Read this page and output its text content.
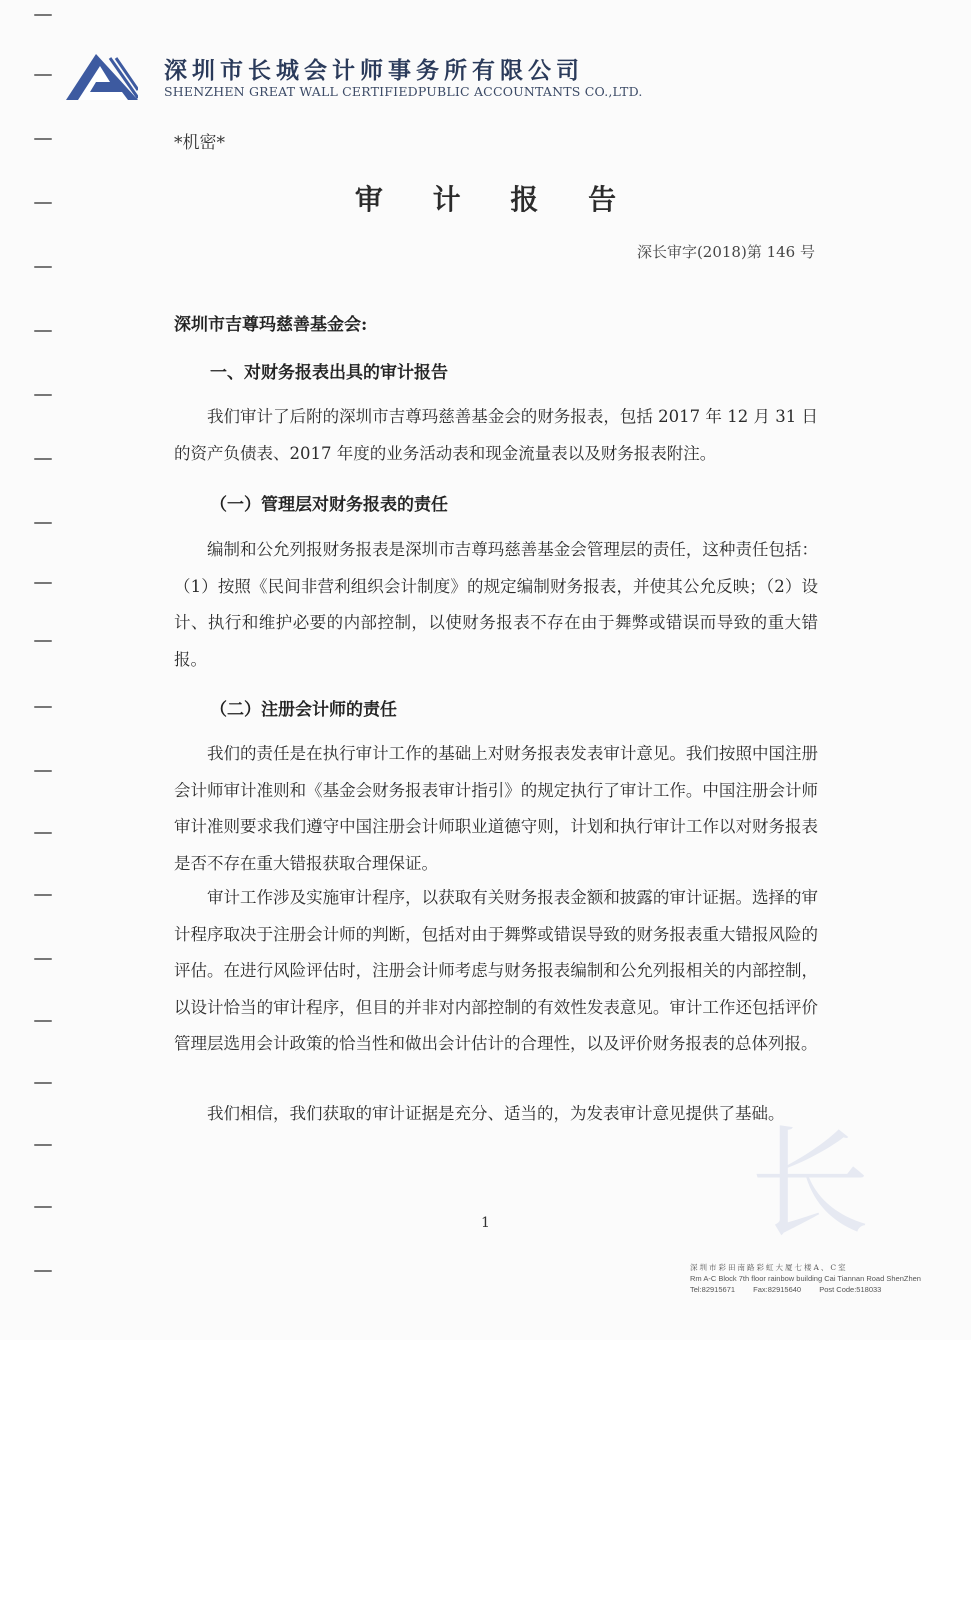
深圳市长城会计师事务所有限公司
SHENZHEN GREAT WALL CERTIFIEDPUBLIC ACCOUNTANTS CO.,LTD.
*机密*
审 计 报 告
深长审字(2018)第 146 号
深圳市吉尊玛慈善基金会:
一、对财务报表出具的审计报告
我们审计了后附的深圳市吉尊玛慈善基金会的财务报表，包括 2017 年 12 月 31 日的资产负债表、2017 年度的业务活动表和现金流量表以及财务报表附注。
（一）管理层对财务报表的责任
编制和公允列报财务报表是深圳市吉尊玛慈善基金会管理层的责任，这种责任包括：（1）按照《民间非营利组织会计制度》的规定编制财务报表，并使其公允反映；（2）设计、执行和维护必要的内部控制，以使财务报表不存在由于舞弊或错误而导致的重大错报。
（二）注册会计师的责任
我们的责任是在执行审计工作的基础上对财务报表发表审计意见。我们按照中国注册会计师审计准则和《基金会财务报表审计指引》的规定执行了审计工作。中国注册会计师审计准则要求我们遵守中国注册会计师职业道德守则，计划和执行审计工作以对财务报表是否不存在重大错报获取合理保证。
审计工作涉及实施审计程序，以获取有关财务报表金额和披露的审计证据。选择的审计程序取决于注册会计师的判断，包括对由于舞弊或错误导致的财务报表重大错报风险的评估。在进行风险评估时，注册会计师考虑与财务报表编制和公允列报相关的内部控制，以设计恰当的审计程序，但目的并非对内部控制的有效性发表意见。审计工作还包括评价管理层选用会计政策的恰当性和做出会计估计的合理性，以及评价财务报表的总体列报。
我们相信，我们获取的审计证据是充分、适当的，为发表审计意见提供了基础。
长
1
深圳市彩田南路彩虹大厦七楼A、C室
Rm A-C Block 7th floor rainbow building Cai Tiannan Road ShenZhen
Tel:82915671 Fax:82915640 Post Code:518033
